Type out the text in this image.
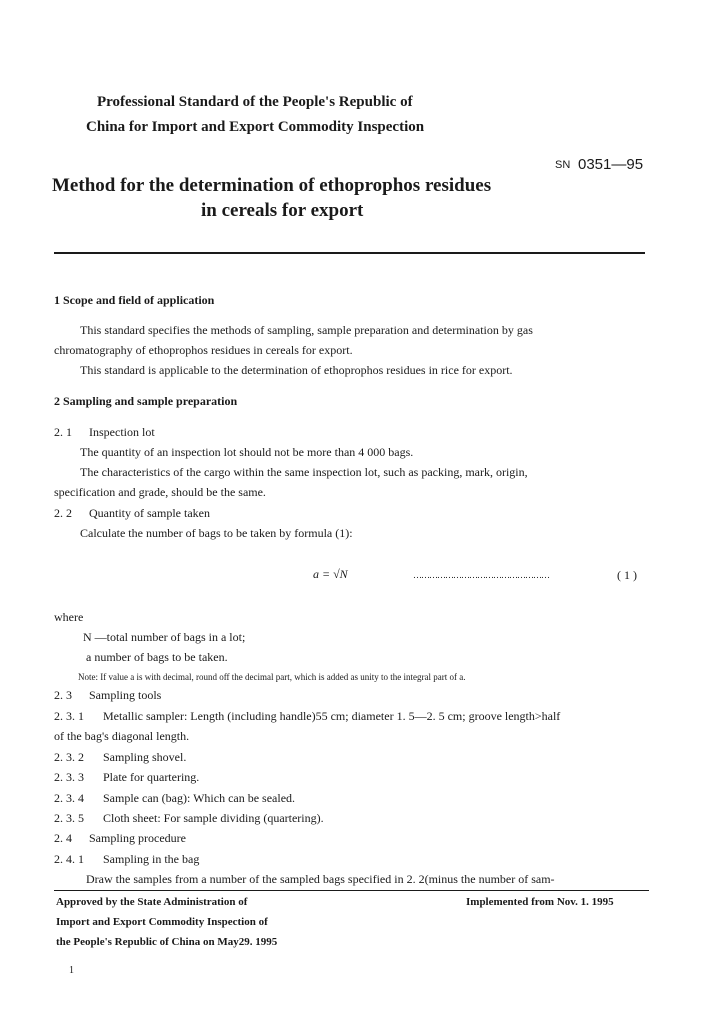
Professional Standard of the People's Republic of
China for Import and Export Commodity Inspection
SN 0351—95
Method for the determination of ethoprophos residues
in cereals for export
1 Scope and field of application
This standard specifies the methods of sampling, sample preparation and determination by gas
chromatography of ethoprophos residues in cereals for export.
This standard is applicable to the determination of ethoprophos residues in rice for export.
2 Sampling and sample preparation
2. 1 Inspection lot
The quantity of an inspection lot should not be more than 4 000 bags.
The characteristics of the cargo within the same inspection lot, such as packing, mark, origin,
specification and grade, should be the same.
2. 2 Quantity of sample taken
Calculate the number of bags to be taken by formula (1):
a = √N	……………………………………………	( 1 )
where
N —total number of bags in a lot;
a number of bags to be taken.
Note: If value a is with decimal, round off the decimal part, which is added as unity to the integral part of a.
2. 3 Sampling tools
2. 3. 1 Metallic sampler: Length (including handle)55 cm; diameter 1. 5—2. 5 cm; groove length>half
of the bag's diagonal length.
2. 3. 2 Sampling shovel.
2. 3. 3 Plate for quartering.
2. 3. 4 Sample can (bag): Which can be sealed.
2. 3. 5 Cloth sheet: For sample dividing (quartering).
2. 4 Sampling procedure
2. 4. 1 Sampling in the bag
Draw the samples from a number of the sampled bags specified in 2. 2(minus the number of sam-
Approved by the State Administration of
Import and Export Commodity Inspection of
the People's Republic of China on May29. 1995
Implemented from Nov. 1. 1995
1
